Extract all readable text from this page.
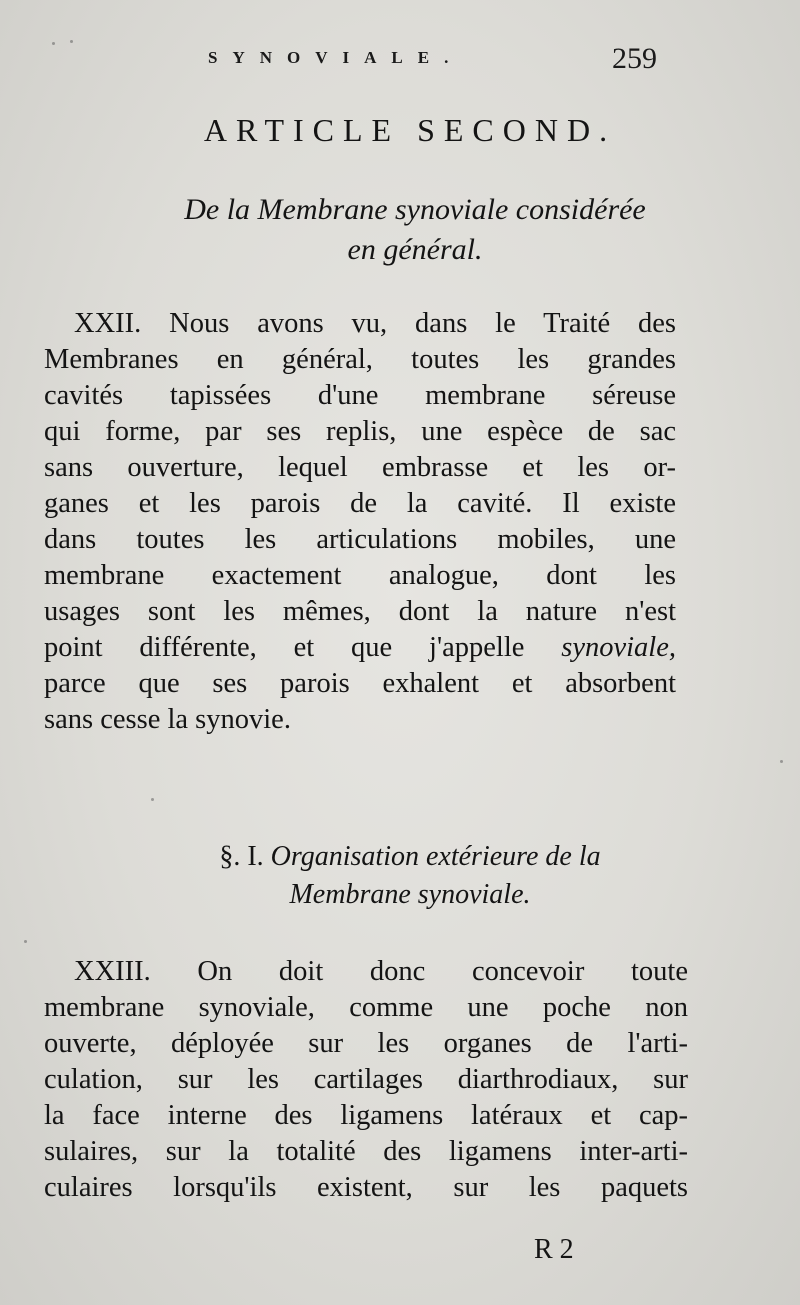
SYNOVIALE.	259
ARTICLE SECOND.
De la Membrane synoviale considérée
en général.
XXII. Nous avons vu, dans le Traité des
Membranes en général, toutes les grandes
cavités tapissées d'une membrane séreuse
qui forme, par ses replis, une espèce de sac
sans ouverture, lequel embrasse et les or-
ganes et les parois de la cavité. Il existe
dans toutes les articulations mobiles, une
membrane exactement analogue, dont les
usages sont les mêmes, dont la nature n'est
point différente, et que j'appelle synoviale,
parce que ses parois exhalent et absorbent
sans cesse la synovie.
§. I. Organisation extérieure de la
Membrane synoviale.
XXIII. On doit donc concevoir toute
membrane synoviale, comme une poche non
ouverte, déployée sur les organes de l'arti-
culation, sur les cartilages diarthrodiaux, sur
la face interne des ligamens latéraux et cap-
sulaires, sur la totalité des ligamens inter-arti-
culaires lorsqu'ils existent, sur les paquets
R 2
